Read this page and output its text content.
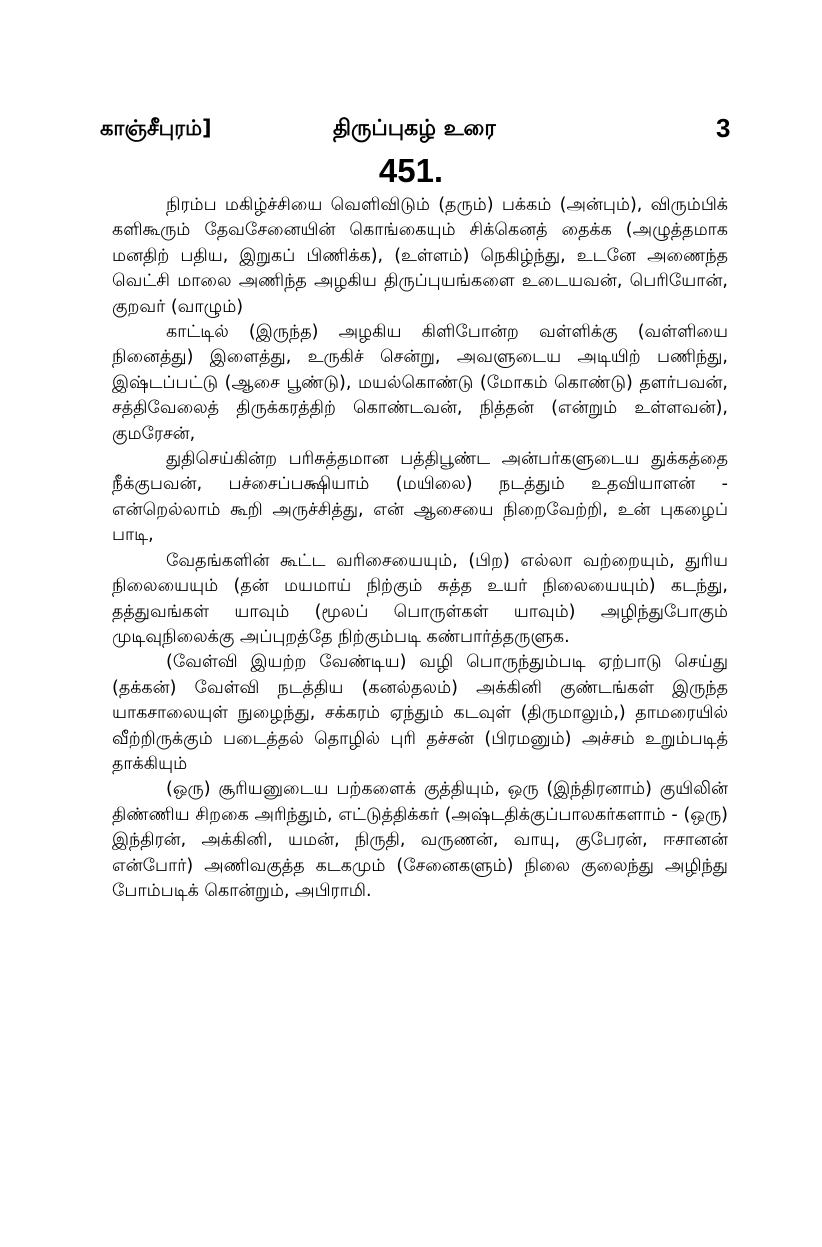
காஞ்சீபுரம்]	திருப்புகழ் உரை	3
451.

நிரம்ப மகிழ்ச்சியை வெளிவிடும் (தரும்) பக்கம் (அன்பும்), விரும்பிக் களிகூரும் தேவசேனையின் கொங்கையும் சிக்கெனத் தைக்க (அழுத்தமாக மனதிற் பதிய, இறுகப் பிணிக்க), (உள்ளம்) நெகிழ்ந்து, உடனே அணைந்த வெட்சி மாலை அணிந்த அழகிய திருப்புயங்களை உடையவன், பெரியோன், குறவர் (வாழும்)

காட்டில் (இருந்த) அழகிய கிளிபோன்ற வள்ளிக்கு (வள்ளியை நினைத்து) இளைத்து, உருகிச் சென்று, அவளுடைய அடியிற் பணிந்து, இஷ்டப்பட்டு (ஆசை பூண்டு), மயல்கொண்டு (மோகம் கொண்டு) தளர்பவன், சத்திவேலைத் திருக்கரத்திற் கொண்டவன், நித்தன் (என்றும் உள்ளவன்), குமரேசன்,

துதிசெய்கின்ற பரிசுத்தமான பத்திபூண்ட அன்பர்களுடைய துக்கத்தை நீக்குபவன், பச்சைப்பக்ஷியாம் (மயிலை) நடத்தும் உதவியாளன் - என்றெல்லாம் கூறி அருச்சித்து, என் ஆசையை நிறைவேற்றி, உன் புகழைப் பாடி,

வேதங்களின் கூட்ட வரிசையையும், (பிற) எல்லா வற்றையும், துரிய நிலையையும் (தன் மயமாய் நிற்கும் சுத்த உயர் நிலையையும்) கடந்து, தத்துவங்கள் யாவும் (மூலப் பொருள்கள் யாவும்) அழிந்துபோகும் முடிவுநிலைக்கு அப்புறத்தே நிற்கும்படி கண்பார்த்தருளுக.

(வேள்வி இயற்ற வேண்டிய) வழி பொருந்தும்படி ஏற்பாடு செய்து (தக்கன்) வேள்வி நடத்திய (கனல்தலம்) அக்கினி குண்டங்கள் இருந்த யாகசாலையுள் நுழைந்து, சக்கரம் ஏந்தும் கடவுள் (திருமாலும்,) தாமரையில் வீற்றிருக்கும் படைத்தல் தொழில் புரி தச்சன் (பிரமனும்) அச்சம் உறும்படித் தாக்கியும்

(ஒரு) சூரியனுடைய பற்களைக் குத்தியும், ஒரு (இந்திரனாம்) குயிலின் திண்ணிய சிறகை அரிந்தும், எட்டுத்திக்கர் (அஷ்டதிக்குப்பாலகர்களாம் - (ஒரு) இந்திரன், அக்கினி, யமன், நிருதி, வருணன், வாயு, குபேரன், ஈசானன் என்போர்) அணிவகுத்த கடகமும் (சேனைகளும்) நிலை குலைந்து அழிந்து போம்படிக் கொன்றும், அபிராமி.
